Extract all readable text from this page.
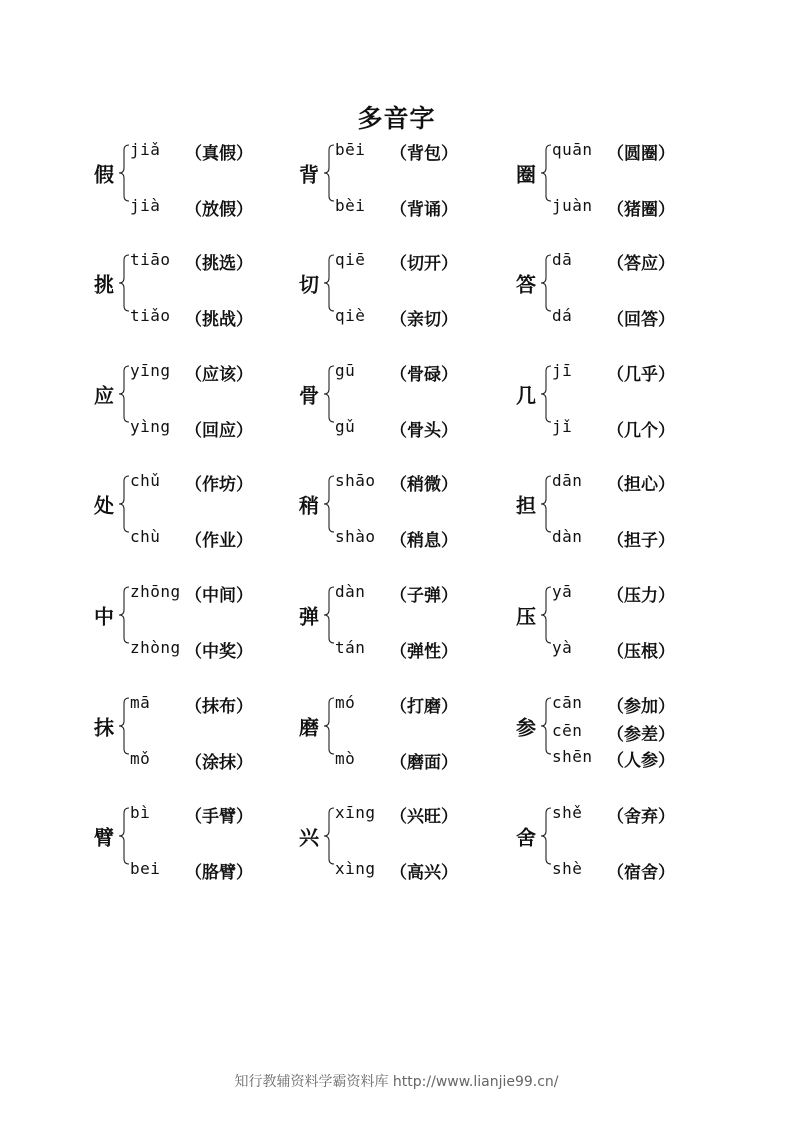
多音字
假
jiǎ （真假）
jià （放假）
背
bēi （背包）
bèi （背诵）
圈
quān （圆圈）
juàn （猪圈）
挑
tiāo （挑选）
tiǎo （挑战）
切
qiē （切开）
qiè （亲切）
答
dā （答应）
dá （回答）
应
yīng （应该）
yìng （回应）
骨
gū （骨碌）
gǔ （骨头）
几
jī （几乎）
jǐ （几个）
处
chǔ （作坊）
chù （作业）
稍
shāo （稍微）
shào （稍息）
担
dān （担心）
dàn （担子）
中
zhōng （中间）
zhòng （中奖）
弹
dàn （子弹）
tán （弹性）
压
yā （压力）
yà （压根）
抹
mā （抹布）
mǒ （涂抹）
磨
mó （打磨）
mò （磨面）
参
cān （参加）
cēn （参差）
shēn （人参）
臂
bì （手臂）
bei （胳臂）
兴
xīng （兴旺）
xìng （高兴）
舍
shě （舍弃）
shè （宿舍）
知行教辅资料学霸资料库 http://www.lianjie99.cn/
